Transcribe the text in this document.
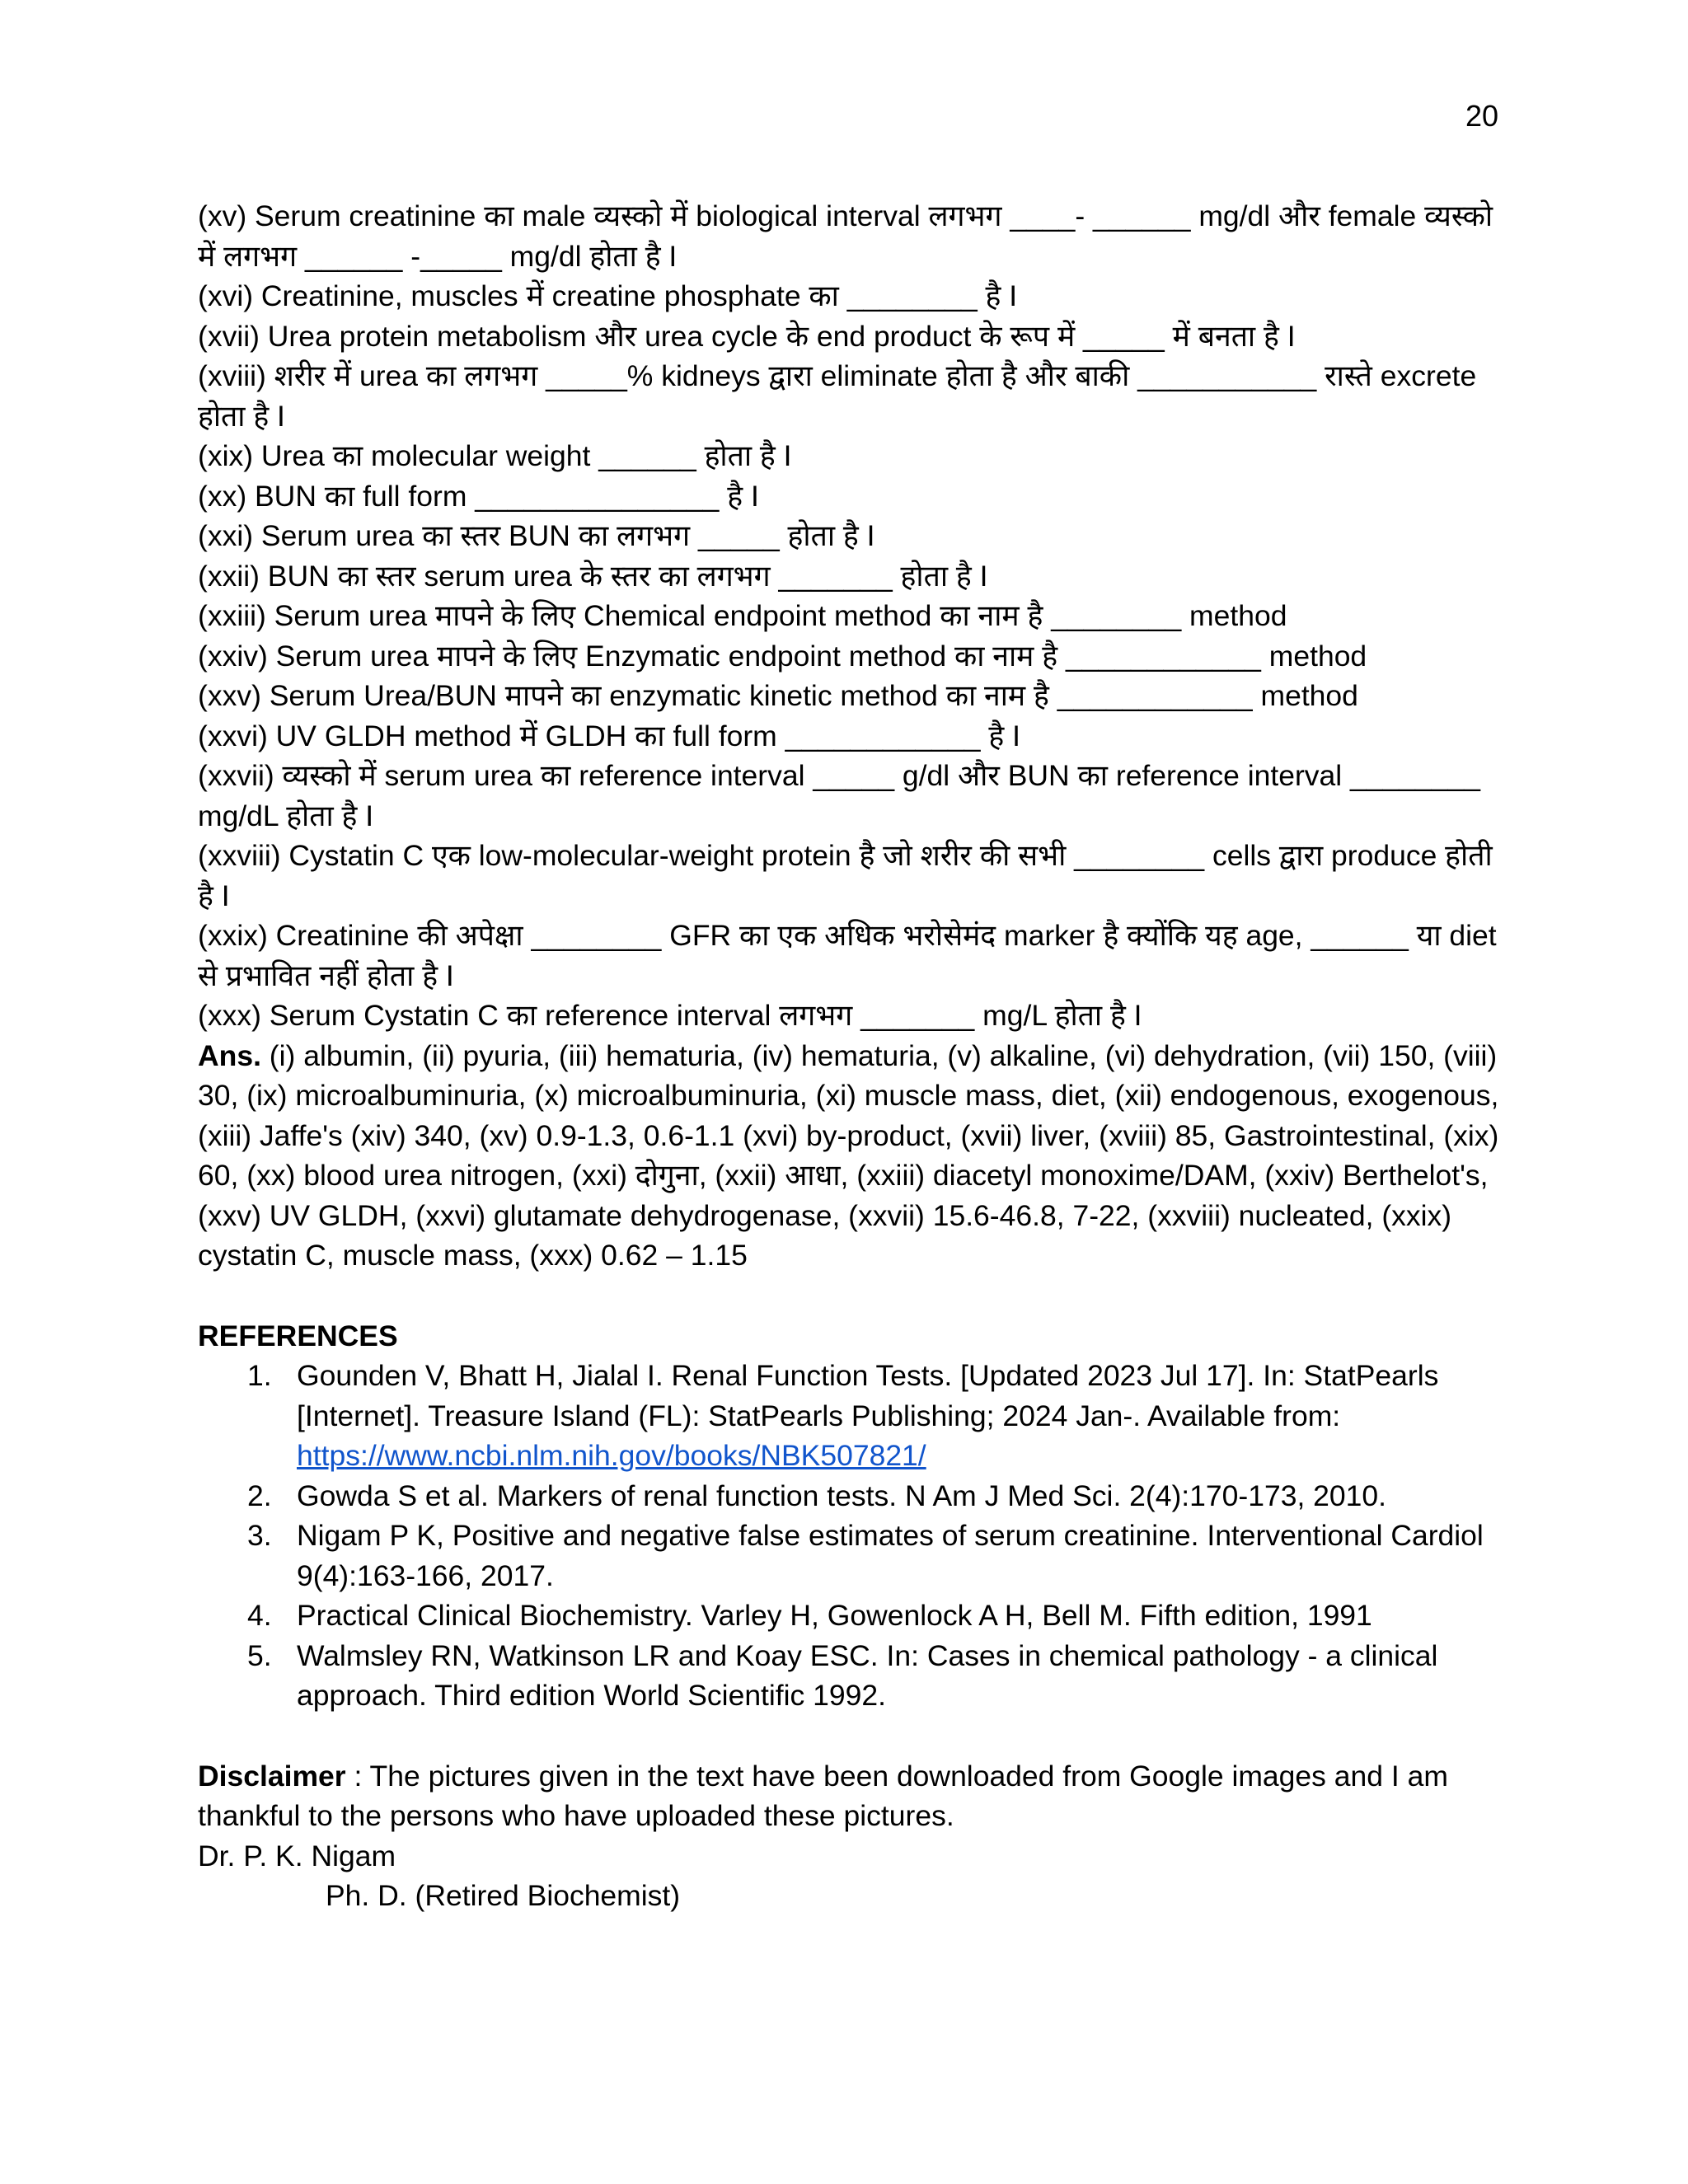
20

(xv) Serum creatinine का male व्यस्को में biological interval लगभग ____- ______ mg/dl और female व्यस्को में लगभग ______ -_____ mg/dl होता है I

(xvi) Creatinine, muscles में creatine phosphate का ________ है I

(xvii) Urea protein metabolism और urea cycle के end product के रूप में _____ में बनता है I

(xviii) शरीर में urea का लगभग _____% kidneys द्वारा eliminate होता है और बाकी ___________ रास्ते excrete होता है I

(xix) Urea का molecular weight ______ होता है I

(xx) BUN का full form _______________ है I

(xxi) Serum urea का स्तर BUN का लगभग _____ होता है I

(xxii) BUN का स्तर serum urea के स्तर का लगभग _______ होता है I

(xxiii) Serum urea मापने के लिए Chemical endpoint method का नाम है ________ method

(xxiv) Serum urea मापने के लिए Enzymatic endpoint method का नाम है ____________ method

(xxv) Serum Urea/BUN मापने का enzymatic kinetic method का नाम है ____________ method

(xxvi) UV GLDH method में GLDH का full form ____________ है I

(xxvii) व्यस्को में serum urea का reference interval _____ g/dl और BUN का reference interval ________ mg/dL होता है I

(xxviii) Cystatin C एक low-molecular-weight protein है जो शरीर की सभी ________ cells द्वारा produce होती है I

(xxix) Creatinine की अपेक्षा ________ GFR का एक अधिक भरोसेमंद marker है क्योंकि यह age, ______ या diet से प्रभावित नहीं होता है I

(xxx) Serum Cystatin C का reference interval लगभग _______ mg/L होता है I

Ans. (i) albumin, (ii) pyuria, (iii) hematuria, (iv) hematuria, (v) alkaline, (vi) dehydration, (vii) 150, (viii) 30, (ix) microalbuminuria, (x) microalbuminuria, (xi) muscle mass, diet, (xii) endogenous, exogenous, (xiii) Jaffe's (xiv) 340, (xv) 0.9-1.3, 0.6-1.1 (xvi) by-product, (xvii) liver, (xviii) 85, Gastrointestinal, (xix) 60, (xx) blood urea nitrogen, (xxi) दोगुना, (xxii) आधा, (xxiii) diacetyl monoxime/DAM, (xxiv) Berthelot's, (xxv) UV GLDH, (xxvi) glutamate dehydrogenase, (xxvii) 15.6-46.8, 7-22, (xxviii) nucleated, (xxix) cystatin C, muscle mass, (xxx) 0.62 – 1.15

REFERENCES

1. Gounden V, Bhatt H, Jialal I. Renal Function Tests. [Updated 2023 Jul 17]. In: StatPearls [Internet]. Treasure Island (FL): StatPearls Publishing; 2024 Jan-. Available from: https://www.ncbi.nlm.nih.gov/books/NBK507821/
2. Gowda S et al. Markers of renal function tests. N Am J Med Sci. 2(4):170-173, 2010.
3. Nigam P K, Positive and negative false estimates of serum creatinine. Interventional Cardiol 9(4):163-166, 2017.
4. Practical Clinical Biochemistry. Varley H, Gowenlock A H, Bell M. Fifth edition, 1991
5. Walmsley RN, Watkinson LR and Koay ESC. In: Cases in chemical pathology - a clinical approach. Third edition World Scientific 1992.

Disclaimer : The pictures given in the text have been downloaded from Google images and I am thankful to the persons who have uploaded these pictures.

Dr. P. K. Nigam

Ph. D. (Retired Biochemist)
